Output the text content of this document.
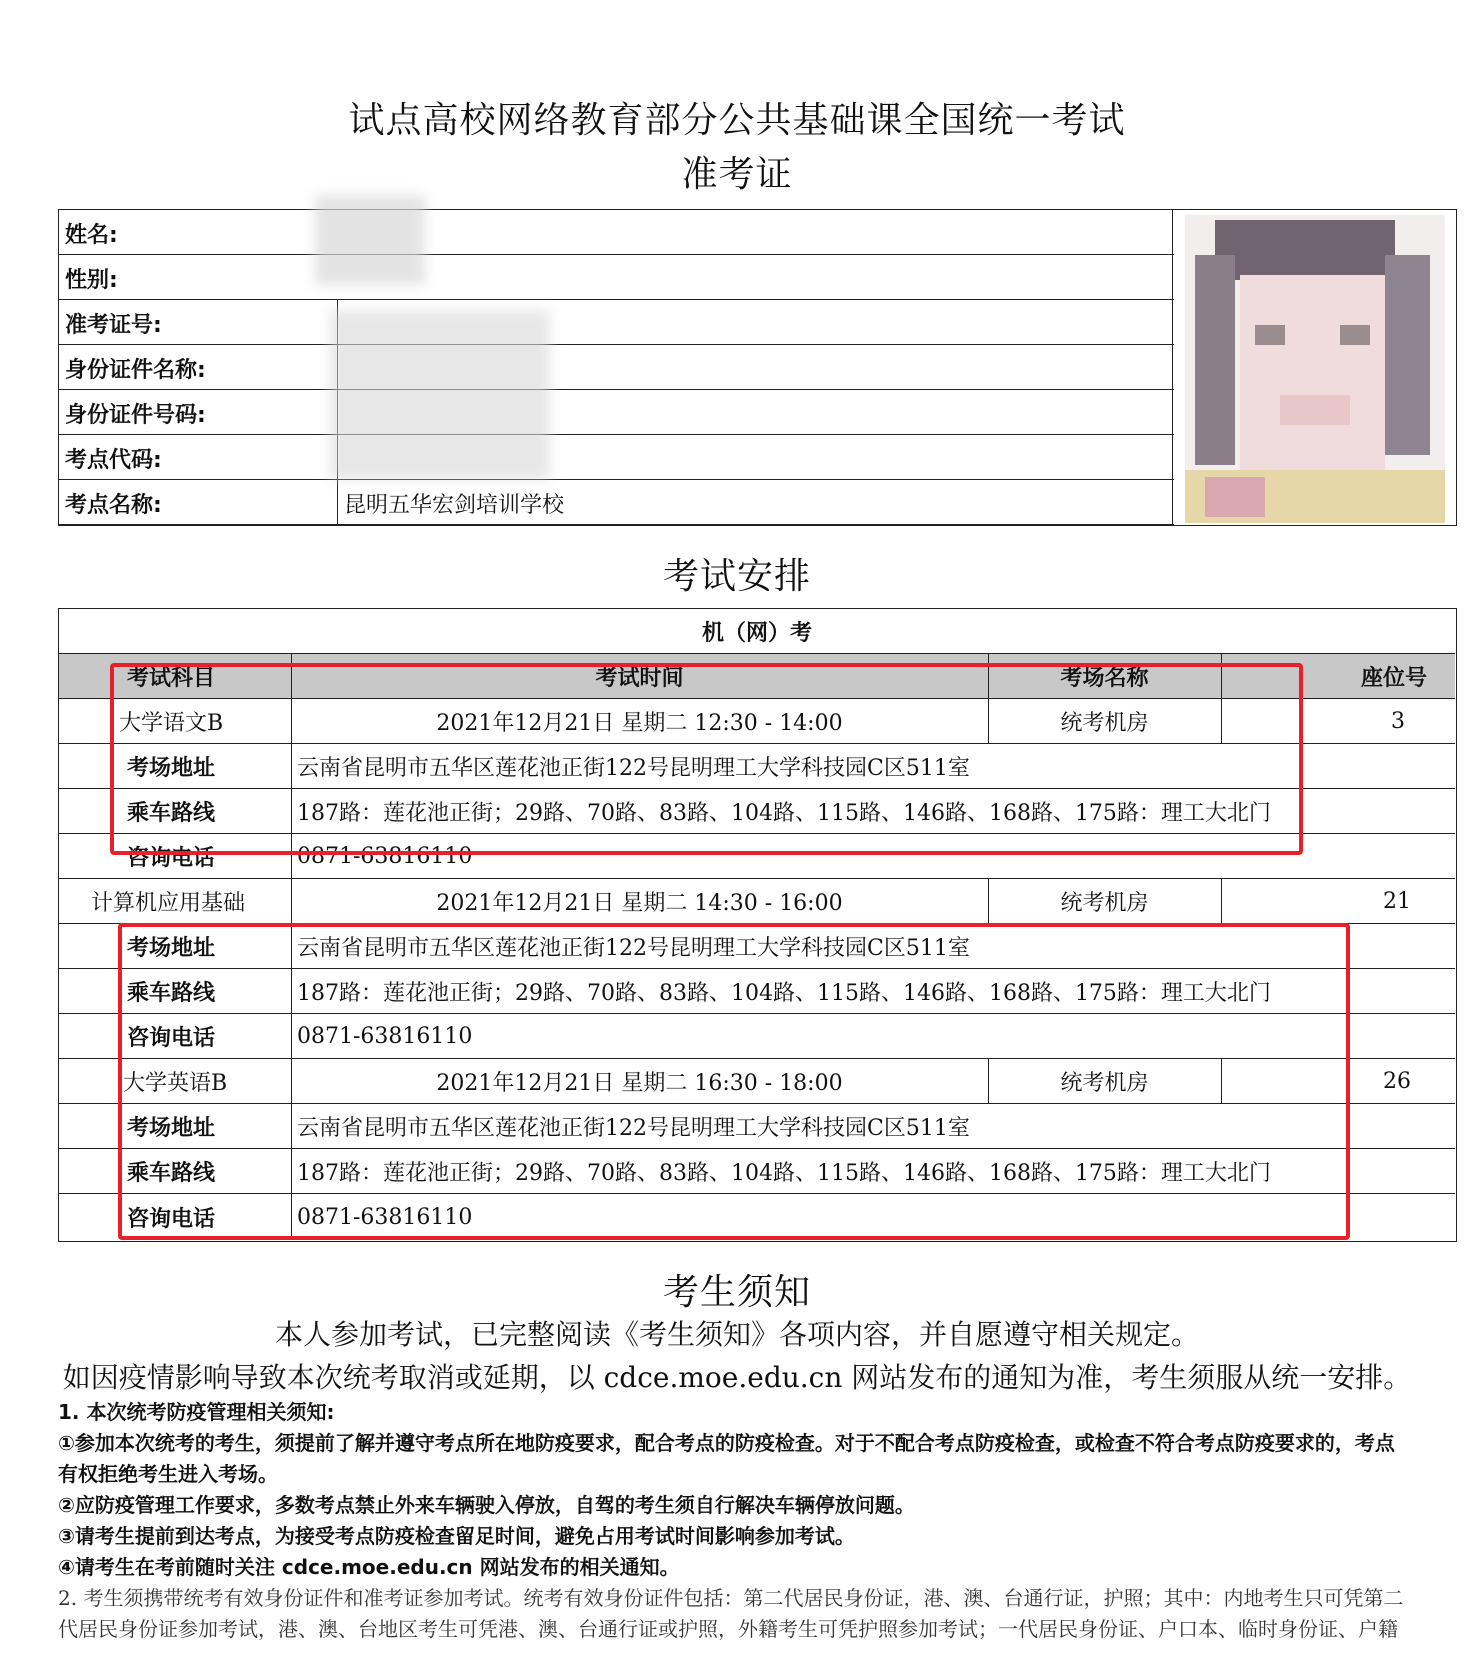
试点高校网络教育部分公共基础课全国统一考试
准考证
姓名:
性别:
准考证号:
身份证件名称:
身份证件号码:
考点代码:
考点名称:	昆明五华宏剑培训学校
考试安排
机（网）考
考试科目	考试时间	考场名称	座位号
大学语文B	2021年12月21日 星期二 12:30 - 14:00	统考机房	3
考场地址	云南省昆明市五华区莲花池正街122号昆明理工大学科技园C区511室
乘车路线	187路：莲花池正街；29路、70路、83路、104路、115路、146路、168路、175路：理工大北门
咨询电话	0871-63816110
计算机应用基础	2021年12月21日 星期二 14:30 - 16:00	统考机房	21
考场地址	云南省昆明市五华区莲花池正街122号昆明理工大学科技园C区511室
乘车路线	187路：莲花池正街；29路、70路、83路、104路、115路、146路、168路、175路：理工大北门
咨询电话	0871-63816110
大学英语B	2021年12月21日 星期二 16:30 - 18:00	统考机房	26
考场地址	云南省昆明市五华区莲花池正街122号昆明理工大学科技园C区511室
乘车路线	187路：莲花池正街；29路、70路、83路、104路、115路、146路、168路、175路：理工大北门
咨询电话	0871-63816110
考生须知
本人参加考试，已完整阅读《考生须知》各项内容，并自愿遵守相关规定。
如因疫情影响导致本次统考取消或延期，以 cdce.moe.edu.cn 网站发布的通知为准，考生须服从统一安排。
1. 本次统考防疫管理相关须知:
①参加本次统考的考生，须提前了解并遵守考点所在地防疫要求，配合考点的防疫检查。对于不配合考点防疫检查，或检查不符合考点防疫要求的，考点
有权拒绝考生进入考场。
②应防疫管理工作要求，多数考点禁止外来车辆驶入停放，自驾的考生须自行解决车辆停放问题。
③请考生提前到达考点，为接受考点防疫检查留足时间，避免占用考试时间影响参加考试。
④请考生在考前随时关注 cdce.moe.edu.cn 网站发布的相关通知。
2. 考生须携带统考有效身份证件和准考证参加考试。统考有效身份证件包括：第二代居民身份证，港、澳、台通行证，护照；其中：内地考生只可凭第二
代居民身份证参加考试，港、澳、台地区考生可凭港、澳、台通行证或护照，外籍考生可凭护照参加考试；一代居民身份证、户口本、临时身份证、户籍
